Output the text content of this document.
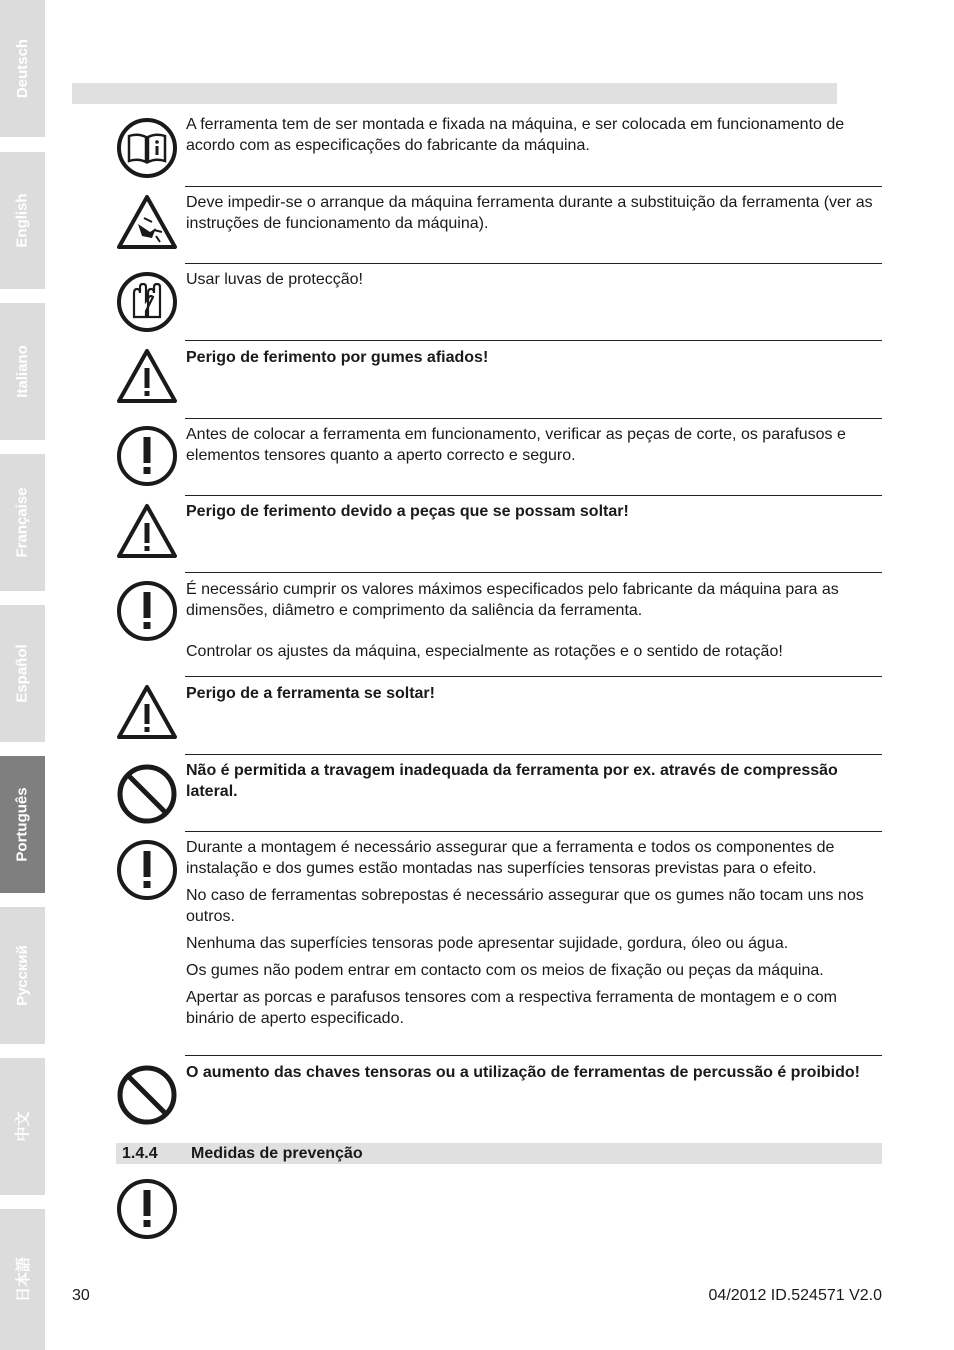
Deutsch
English
Italiano
Française
Español
Português
Русский
中文
日本語

A ferramenta tem de ser montada e fixada na máquina, e ser colocada em funcionamento de acordo com as especificações do fabricante da máquina.

Deve impedir-se o arranque da máquina ferramenta durante a substituição da ferramenta (ver as instruções de funcionamento da máquina).

Usar luvas de protecção!

Perigo de ferimento por gumes afiados!

Antes de colocar a ferramenta em funcionamento, verificar as peças de corte, os parafusos e elementos tensores quanto a aperto correcto e seguro.

Perigo de ferimento devido a peças que se possam soltar!

É necessário cumprir os valores máximos especificados pelo fabricante da máquina para as dimensões, diâmetro e comprimento da saliência da ferramenta.

Controlar os ajustes da máquina, especialmente as rotações e o sentido de rotação!

Perigo de a ferramenta se soltar!

Não é permitida a travagem inadequada da ferramenta por ex. através de compressão lateral.

Durante a montagem é necessário assegurar que a ferramenta e todos os componentes de instalação e dos gumes estão montadas nas superfícies tensoras previstas para o efeito.

No caso de ferramentas sobrepostas é necessário assegurar que os gumes não tocam uns nos outros.

Nenhuma das superfícies tensoras pode apresentar sujidade, gordura, óleo ou água.

Os gumes não podem entrar em contacto com os meios de fixação ou peças da máquina.

Apertar as porcas e parafusos tensores com a respectiva ferramenta de montagem e o com binário de aperto especificado.

O aumento das chaves tensoras ou a utilização de ferramentas de percussão é proibido!

1.4.4 Medidas de prevenção
30	04/2012 ID.524571 V2.0
